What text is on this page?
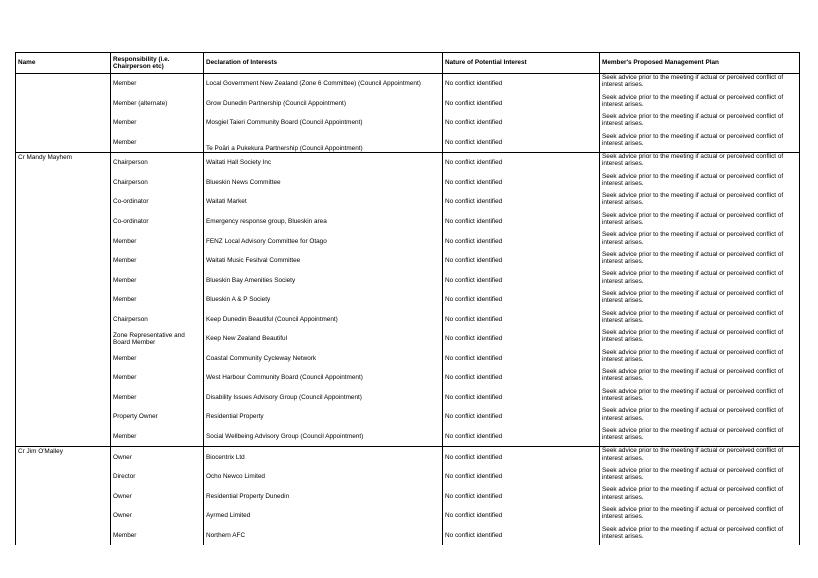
Name	Responsibility (i.e. Chairperson etc)	Declaration of Interests	Nature of Potential Interest	Member's Proposed Management Plan
	Member	Local Government New Zealand (Zone 6 Committee) (Council Appointment)	No conflict identified	Seek advice prior to the meeting if actual or perceived conflict of interest arises.
	Member (alternate)	Grow Dunedin Partnership (Council Appointment)	No conflict identified	Seek advice prior to the meeting if actual or perceived conflict of interest arises.
	Member	Mosgiel Taieri Community Board (Council Appointment)	No conflict identified	Seek advice prior to the meeting if actual or perceived conflict of interest arises.
	Member	Te Poāri a Pukekura Partnership (Council Appointment)	No conflict identified	Seek advice prior to the meeting if actual or perceived conflict of interest arises.
Cr Mandy Mayhem	Chairperson	Waitati Hall Society Inc	No conflict identified	Seek advice prior to the meeting if actual or perceived conflict of interest arises.
	Chairperson	Blueskin News Committee	No conflict identified	Seek advice prior to the meeting if actual or perceived conflict of interest arises.
	Co-ordinator	Waitati Market	No conflict identified	Seek advice prior to the meeting if actual or perceived conflict of interest arises.
	Co-ordinator	Emergency response group, Blueskin area	No conflict identified	Seek advice prior to the meeting if actual or perceived conflict of interest arises.
	Member	FENZ Local Advisory Committee for Otago	No conflict identified	Seek advice prior to the meeting if actual or perceived conflict of interest arises.
	Member	Waitati Music Fesitval Committee	No conflict identified	Seek advice prior to the meeting if actual or perceived conflict of interest arises.
	Member	Blueskin Bay Amenities Society	No conflict identified	Seek advice prior to the meeting if actual or perceived conflict of interest arises.
	Member	Blueskin A & P Society	No conflict identified	Seek advice prior to the meeting if actual or perceived conflict of interest arises.
	Chairperson	Keep Dunedin Beautiful (Council Appointment)	No conflict identified	Seek advice prior to the meeting if actual or perceived conflict of interest arises.
	Zone Representative and Board Member	Keep New Zealand Beautiful	No conflict identified	Seek advice prior to the meeting if actual or perceived conflict of interest arises.
	Member	Coastal Community Cycleway Network	No conflict identified	Seek advice prior to the meeting if actual or perceived conflict of interest arises.
	Member	West Harbour Community Board (Council Appointment)	No conflict identified	Seek advice prior to the meeting if actual or perceived conflict of interest arises.
	Member	Disability Issues Advisory Group (Council Appointment)	No conflict identified	Seek advice prior to the meeting if actual or perceived conflict of interest arises.
	Property Owner	Residential Property	No conflict identified	Seek advice prior to the meeting if actual or perceived conflict of interest arises.
	Member	Social Wellbeing Advisory Group (Council Appointment)	No conflict identified	Seek advice prior to the meeting if actual or perceived conflict of interest arises.
Cr Jim O'Malley	Owner	Biocentrix Ltd	No conflict identified	Seek advice prior to the meeting if actual or perceived conflict of interest arises.
	Director	Ocho Newco Limited	No conflict identified	Seek advice prior to the meeting if actual or perceived conflict of interest arises.
	Owner	Residential Property Dunedin	No conflict identified	Seek advice prior to the meeting if actual or perceived conflict of interest arises.
	Owner	Ayrmed Limited	No conflict identified	Seek advice prior to the meeting if actual or perceived conflict of interest arises.
	Member	Northern AFC	No conflict identified	Seek advice prior to the meeting if actual or perceived conflict of interest arises.
